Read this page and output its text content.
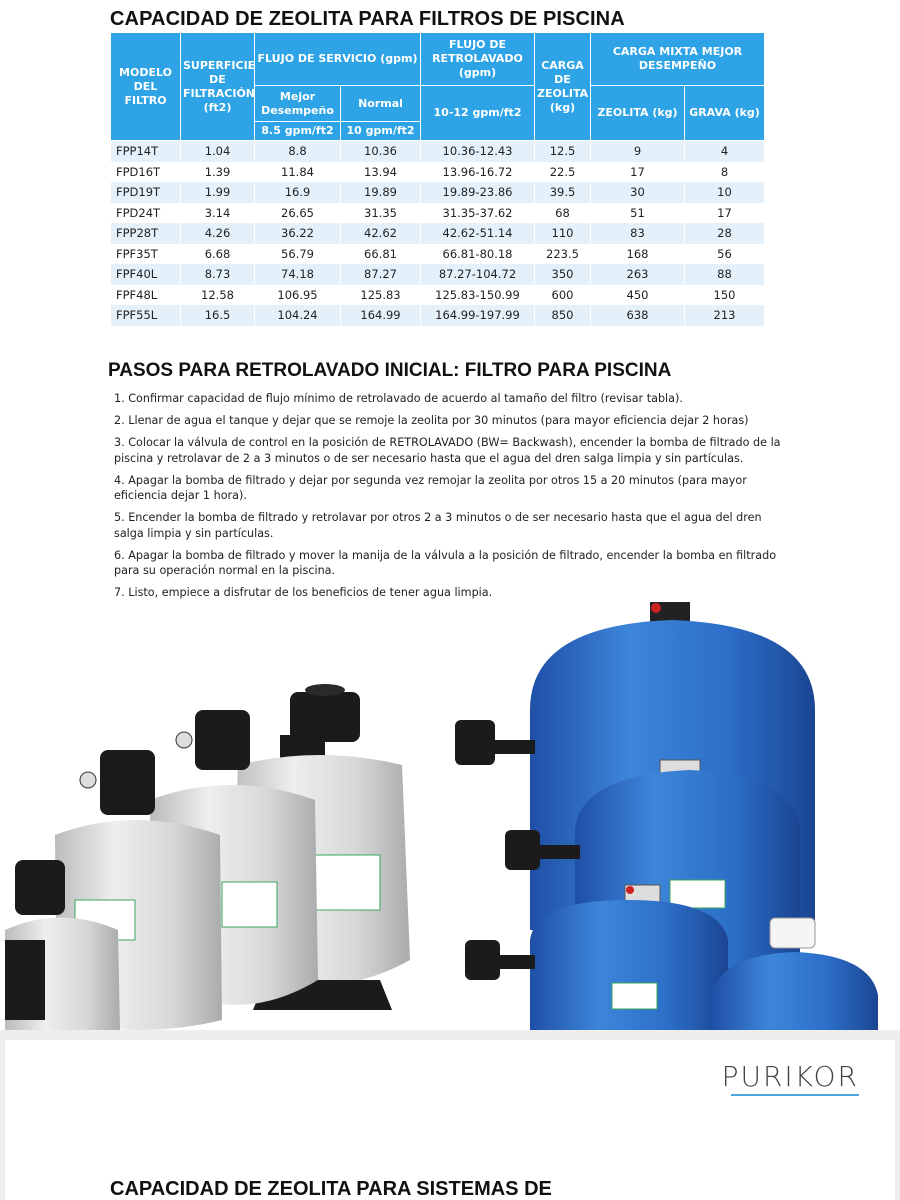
CAPACIDAD DE ZEOLITA PARA FILTROS DE PISCINA
MODELO DEL FILTRO	SUPERFICIE DE FILTRACIÓN (ft2)	FLUJO DE SERVICIO (gpm)		FLUJO DE RETROLAVADO (gpm)	CARGA DE ZEOLITA (kg)	CARGA MIXTA MEJOR DESEMPEÑO	
		Mejor Desempeño	Normal	10-12 gpm/ft2		ZEOLITA (kg)	GRAVA (kg)
		8.5 gpm/ft2	10 gpm/ft2				
FPP14T	1.04	8.8	10.36	10.36-12.43	12.5	9	4
FPD16T	1.39	11.84	13.94	13.96-16.72	22.5	17	8
FPD19T	1.99	16.9	19.89	19.89-23.86	39.5	30	10
FPD24T	3.14	26.65	31.35	31.35-37.62	68	51	17
FPP28T	4.26	36.22	42.62	42.62-51.14	110	83	28
FPF35T	6.68	56.79	66.81	66.81-80.18	223.5	168	56
FPF40L	8.73	74.18	87.27	87.27-104.72	350	263	88
FPF48L	12.58	106.95	125.83	125.83-150.99	600	450	150
FPF55L	16.5	104.24	164.99	164.99-197.99	850	638	213
PASOS PARA RETROLAVADO INICIAL: FILTRO PARA PISCINA
1. Confirmar capacidad de flujo mínimo de retrolavado de acuerdo al tamaño del filtro (revisar tabla).
2. Llenar de agua el tanque y dejar que se remoje la zeolita por 30 minutos (para mayor eficiencia dejar 2 horas)
3. Colocar la válvula de control en la posición de RETROLAVADO (BW= Backwash), encender la bomba de filtrado de la piscina y retrolavar de 2 a 3 minutos o de ser necesario hasta que el agua del dren salga limpia y sin partículas.
4. Apagar la bomba de filtrado y dejar por segunda vez remojar la zeolita por otros 15 a 20 minutos (para mayor eficiencia dejar 1 hora).
5. Encender la bomba de filtrado y retrolavar por otros 2 a 3 minutos o de ser necesario hasta que el agua del dren salga limpia y sin partículas.
6. Apagar la bomba de filtrado y mover la manija de la válvula a la posición de filtrado, encender la bomba en filtrado para su operación normal en la piscina.
7. Listo, empiece a disfrutar de los beneficios de tener agua limpia.
PURIKOR
CAPACIDAD DE ZEOLITA PARA SISTEMAS DE
